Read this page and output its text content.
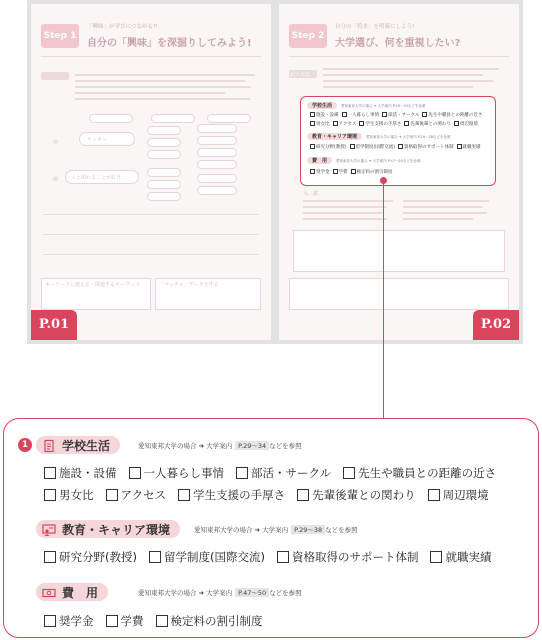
Step 1
「興味」が学びにつながる?!
自分の「興味」を深掘りしてみよう!
例	サッカー
例	人と関わることが好き
キーワードに使える・関連するキーワード	「マッチョ」データを作る
P.01
Step 2
自分の「将来」を明確にしよう!
大学選び、何を重視したい?
記入方法
学校生活	愛知東邦大学の場合 ➜ 大学案内 P.29〜34などを参照
施設・設備 一人暮らし事情 部活・サークル 先生や職員との距離の近さ
男女比 アクセス 学生支援の手厚さ 先輩後輩との関わり 周辺環境
教育・キャリア環境	愛知東邦大学の場合 ➜ 大学案内 P.29〜38などを参照
研究分野(教授) 留学制度(国際交流) 資格取得のサポート体制 就職実績
費　用	愛知東邦大学の場合 ➜ 大学案内 P.47〜50などを参照
奨学金 学費 検定料の割引制度
入　試
P.02
1	学校生活	愛知東邦大学の場合 ➜ 大学案内 P.29〜34 などを参照
施設・設備 一人暮らし事情 部活・サークル 先生や職員との距離の近さ
男女比 アクセス 学生支援の手厚さ 先輩後輩との関わり 周辺環境
教育・キャリア環境	愛知東邦大学の場合 ➜ 大学案内 P.29〜38 などを参照
研究分野(教授) 留学制度(国際交流) 資格取得のサポート体制 就職実績
費　用	愛知東邦大学の場合 ➜ 大学案内 P.47〜50 などを参照
奨学金 学費 検定料の割引制度
